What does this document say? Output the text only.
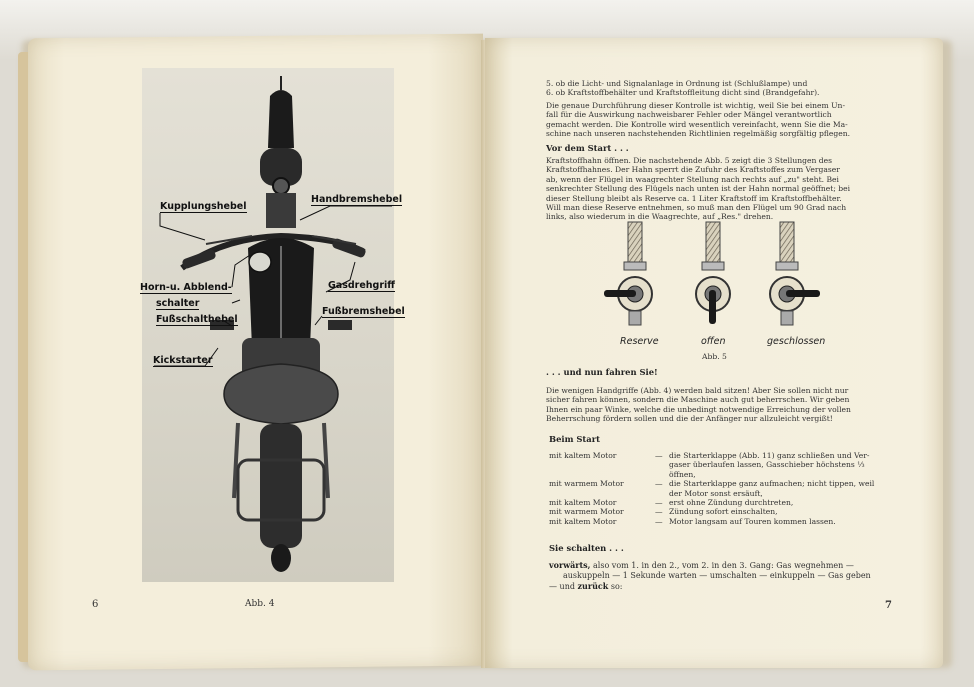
Kupplungshebel
Handbremshebel
Horn-u. Abblend-
schalter
Fußschalthebel
Gasdrehgriff
Fußbremshebel
Kickstarter
Abb. 4
6
5. ob die Licht- und Signalanlage in Ordnung ist (Schlußlampe) und
6. ob Kraftstoffbehälter und Kraftstoffleitung dicht sind (Brandgefahr).
Die genaue Durchführung dieser Kontrolle ist wichtig, weil Sie bei einem Un-
fall für die Auswirkung nachweisbarer Fehler oder Mängel verantwortlich
gemacht werden. Die Kontrolle wird wesentlich vereinfacht, wenn Sie die Ma-
schine nach unseren nachstehenden Richtlinien regelmäßig sorgfältig pflegen.
Vor dem Start . . .
Kraftstoffhahn öffnen. Die nachstehende Abb. 5 zeigt die 3 Stellungen des
Kraftstoffhahnes. Der Hahn sperrt die Zufuhr des Kraftstoffes zum Vergaser
ab, wenn der Flügel in waagrechter Stellung nach rechts auf „zu" steht. Bei
senkrechter Stellung des Flügels nach unten ist der Hahn normal geöffnet; bei
dieser Stellung bleibt als Reserve ca. 1 Liter Kraftstoff im Kraftstoffbehälter.
Will man diese Reserve entnehmen, so muß man den Flügel um 90 Grad nach
links, also wiederum in die Waagrechte, auf „Res." drehen.
Reserve	offen	geschlossen
Abb. 5
. . . und nun fahren Sie!
Die wenigen Handgriffe (Abb. 4) werden bald sitzen! Aber Sie sollen nicht nur
sicher fahren können, sondern die Maschine auch gut beherrschen. Wir geben
Ihnen ein paar Winke, welche die unbedingt notwendige Erreichung der vollen
Beherrschung fördern sollen und die der Anfänger nur allzuleicht vergißt!
Beim Start
mit kaltem Motor	— die Starterklappe (Abb. 11) ganz schließen und Ver-
gaser überlaufen lassen, Gasschieber höchstens ⅓
öffnen,
mit warmem Motor	— die Starterklappe ganz aufmachen; nicht tippen, weil
der Motor sonst ersäuft,
mit kaltem Motor	— erst ohne Zündung durchtreten,
mit warmem Motor	— Zündung sofort einschalten,
mit kaltem Motor	— Motor langsam auf Touren kommen lassen.
Sie schalten . . .
vorwärts, also vom 1. in den 2., vom 2. in den 3. Gang: Gas wegnehmen —
auskuppeln — 1 Sekunde warten — umschalten — einkuppeln — Gas geben
— und zurück so:
7
